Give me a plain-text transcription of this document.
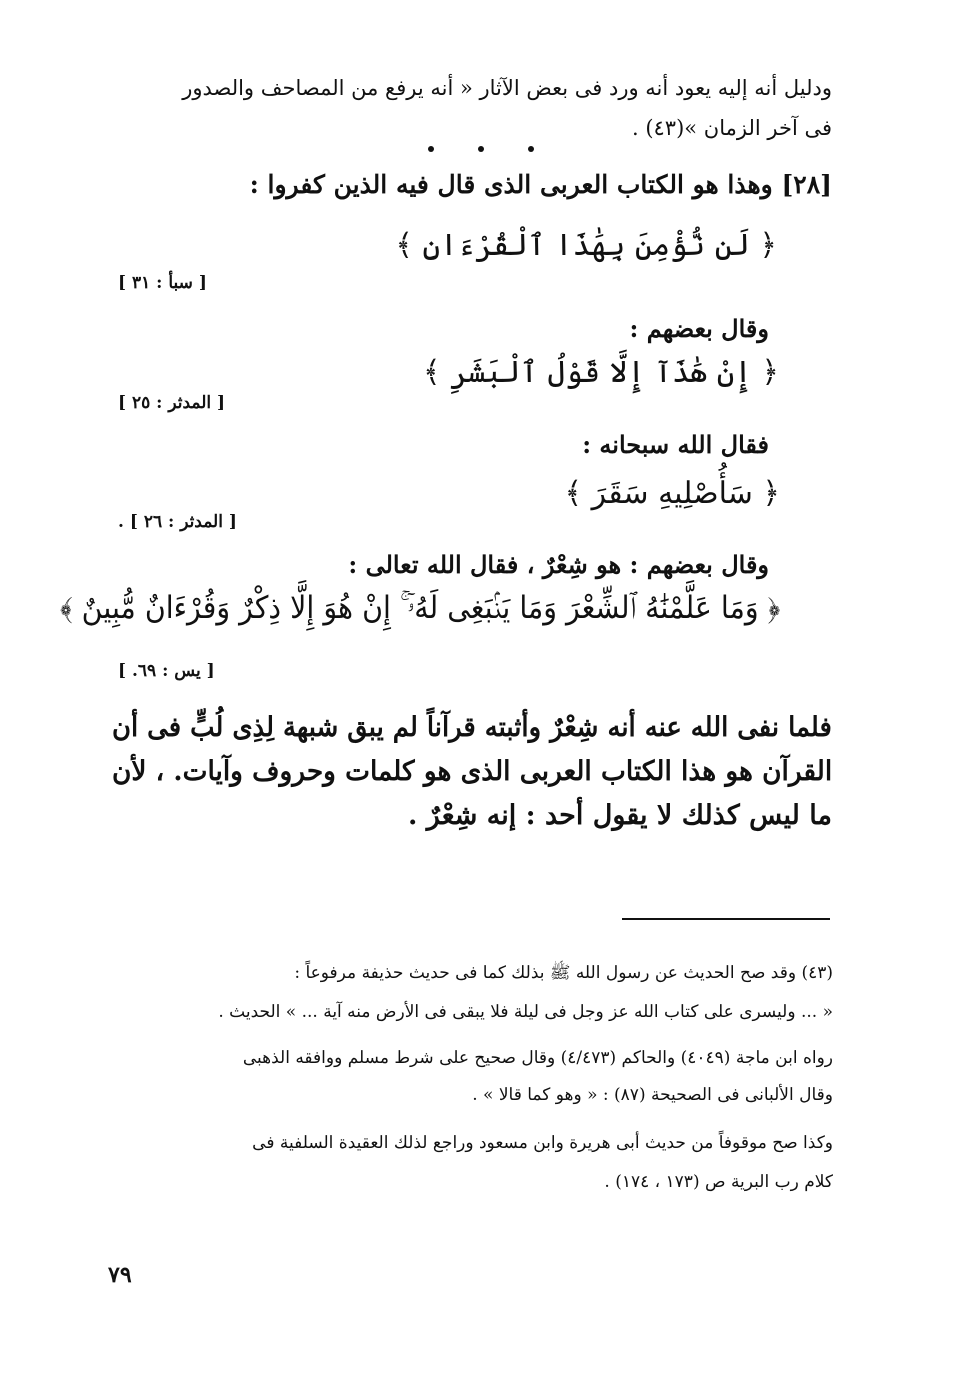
ودليل أنه إليه يعود أنه ورد فى بعض الآثار « أنه يرفع من المصاحف والصدور
فى آخر الزمان »(٤٣) .
[٢٨] وهذا هو الكتاب العربى الذى قال فيه الذين كفروا :
﴿ لَن نُّؤْمِنَ بِهَٰذَا ٱلْقُرْءَانِ ﴾
[ سبأ : ٣١ ]
وقال بعضهم :
﴿ إِنْ هَٰذَآ إِلَّا قَوْلُ ٱلْبَشَرِ ﴾
[ المدثر : ٢٥ ]
فقال الله سبحانه :
﴿ سَأُصْلِيهِ سَقَرَ ﴾
[ المدثر : ٢٦ ] .
وقال بعضهم : هو شِعْرٌ ، فقال الله تعالى :
﴿ وَمَا عَلَّمْنَٰهُ ٱلشِّعْرَ وَمَا يَنۢبَغِى لَهُۥٓ ۚ إِنْ هُوَ إِلَّا ذِكْرٌ وَقُرْءَانٌ مُّبِينٌ ﴾
[ يس : ٦٩. ]
فلما نفى الله عنه أنه شِعْرٌ وأثبته قرآناً لم يبق شبهة لِذِى لُبٍّ فى أن
القرآن هو هذا الكتاب العربى الذى هو كلمات وحروف وآيات. ، لأن
ما ليس كذلك لا يقول أحد : إنه شِعْرٌ .
(٤٣) وقد صح الحديث عن رسول الله ﷺ بذلك كما فى حديث حذيفة مرفوعاً :
« ... وليسرى على كتاب الله عز وجل فى ليلة فلا يبقى فى الأرض منه آية ... » الحديث .
رواه ابن ماجة (٤٠٤٩) والحاكم (٤/٤٧٣) وقال صحيح على شرط مسلم ووافقه الذهبى
وقال الألبانى فى الصحيحة (٨٧) : « وهو كما قالا » .
وكذا صح موقوفاً من حديث أبى هريرة وابن مسعود وراجع لذلك العقيدة السلفية فى
كلام رب البرية ص (١٧٣ ، ١٧٤) .
٧٩
